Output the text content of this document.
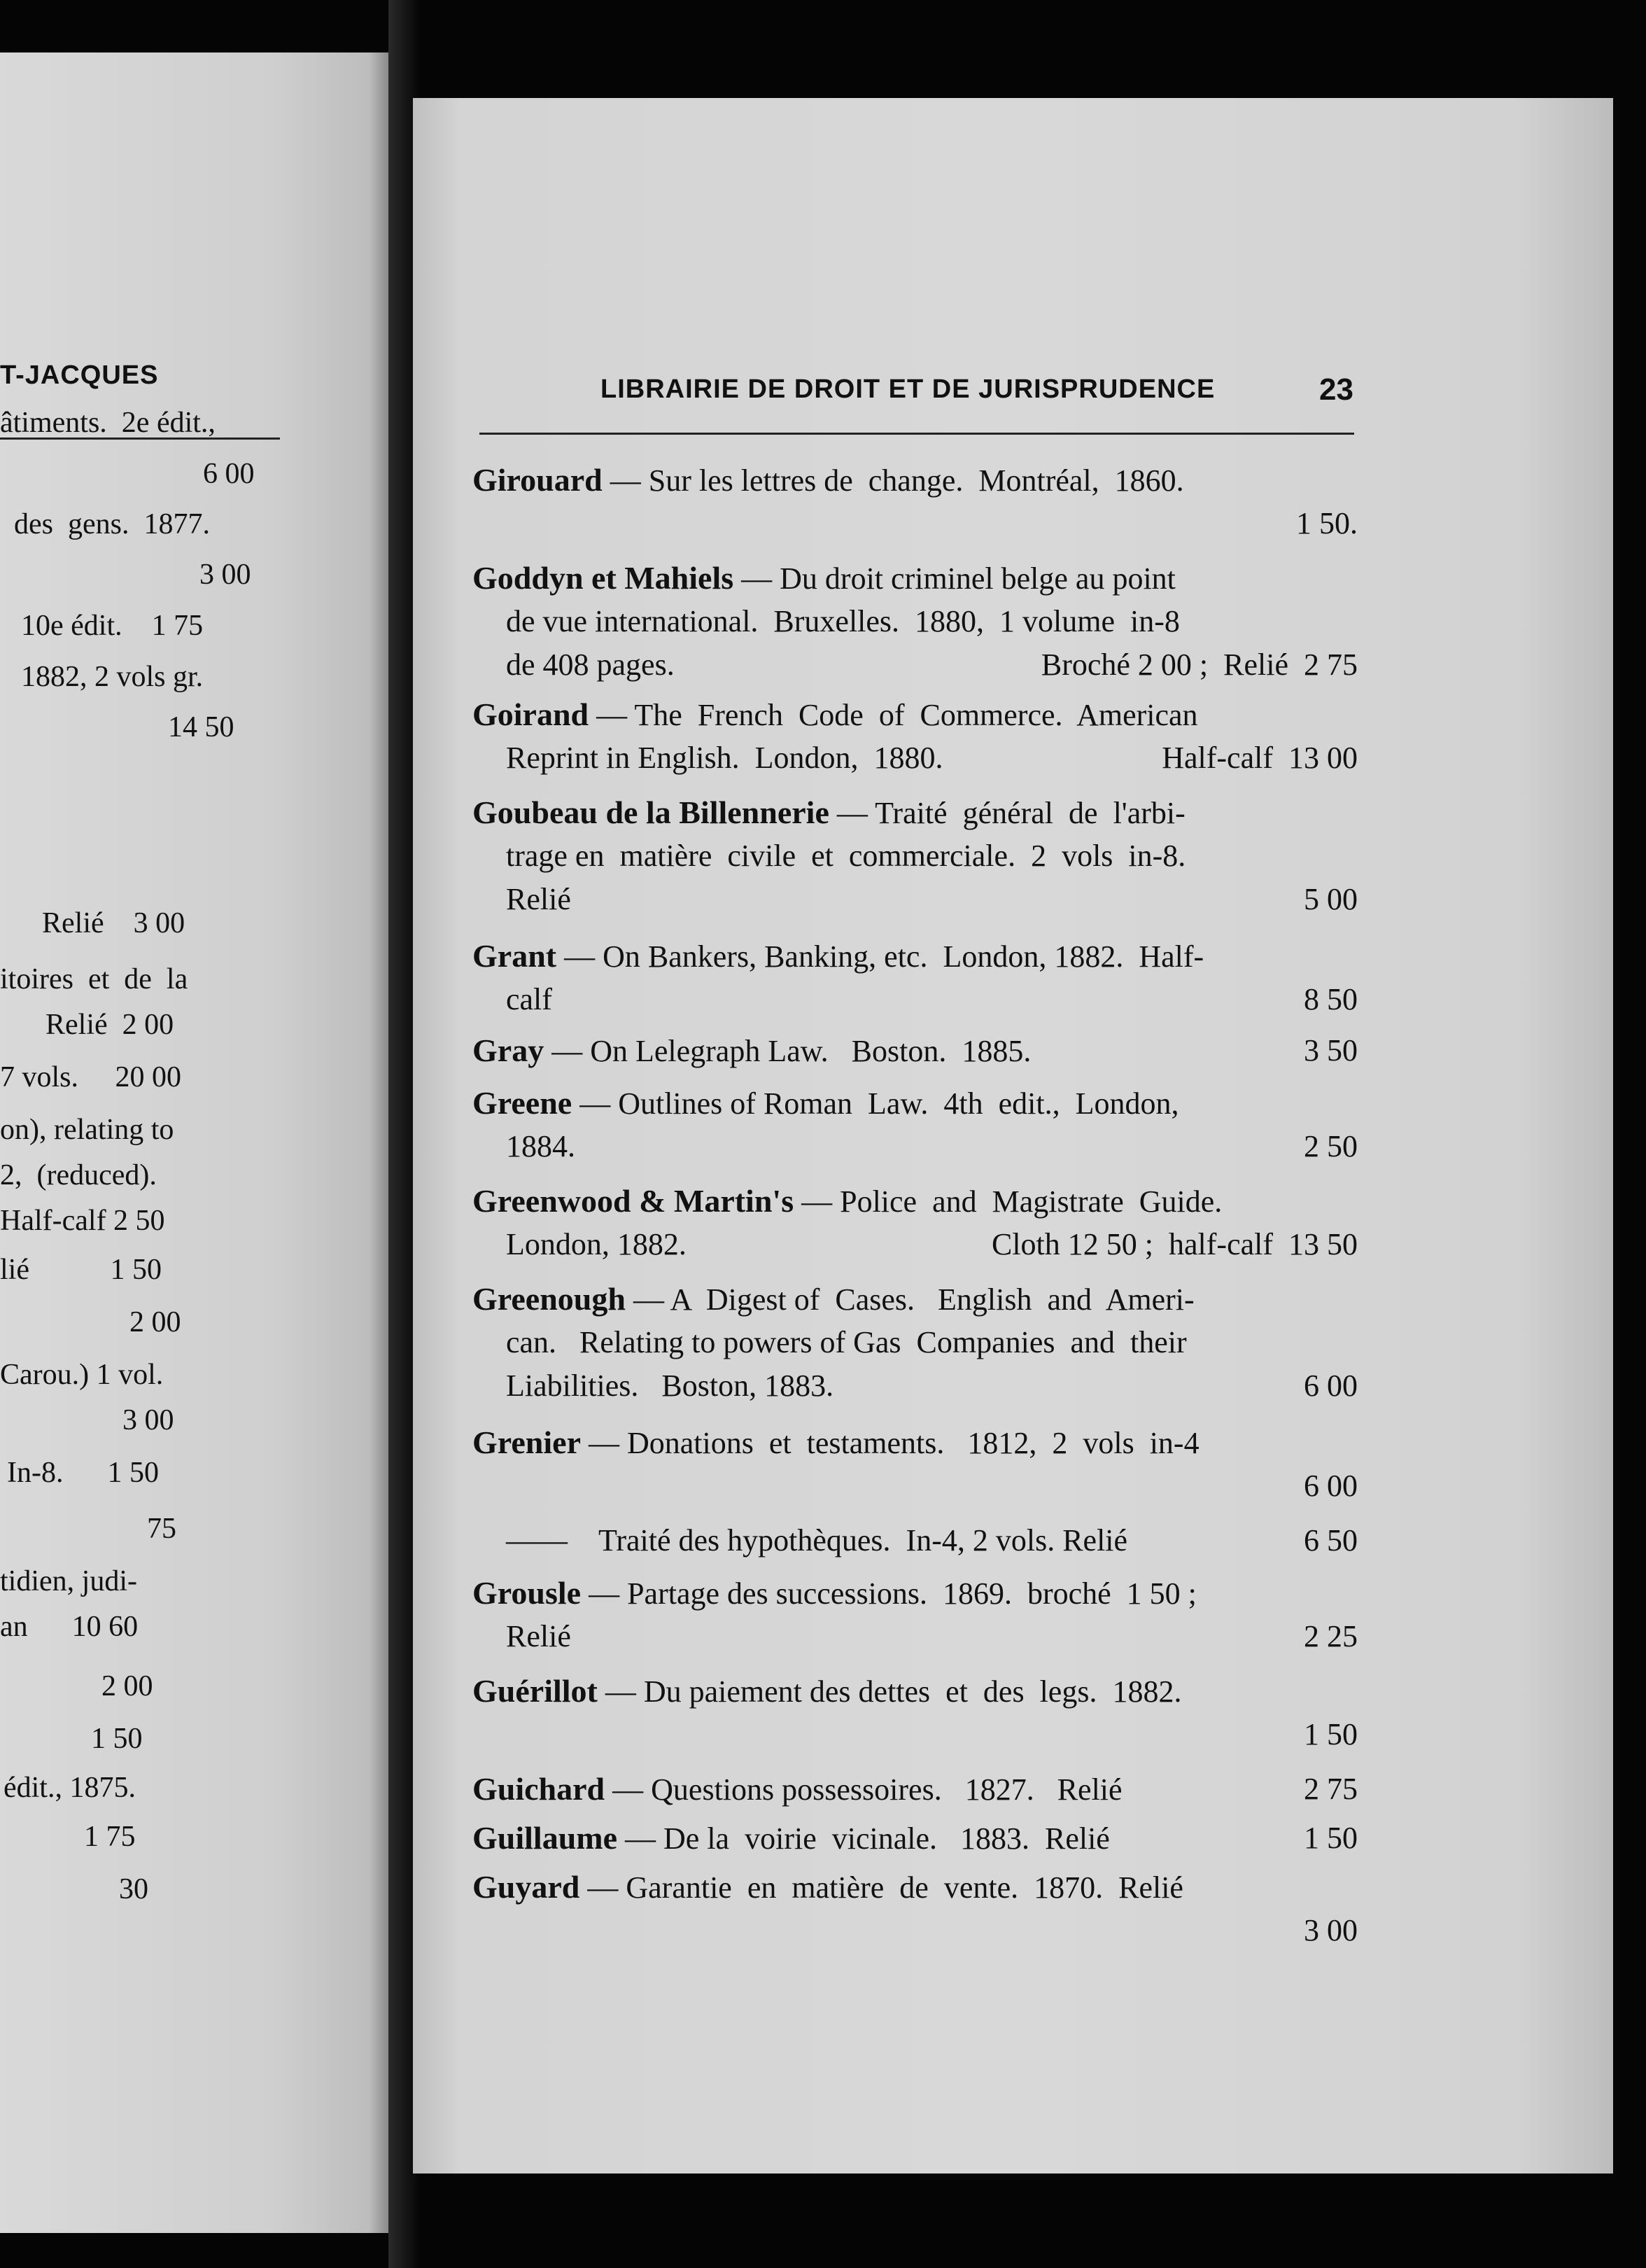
T-JACQUES
âtiments.  2e édit.,
6 00
des  gens.  1877.
3 00
10e édit.    1 75
1882, 2 vols gr.
14 50
Relié    3 00
itoires  et  de  la
Relié  2 00
7 vols.     20 00
on), relating to
2,  (reduced).
Half-calf 2 50
lié           1 50
2 00
Carou.) 1 vol.
3 00
In-8.      1 50
75
tidien, judi-
an      10 60
2 00
1 50
édit., 1875.
1 75
30
LIBRAIRIE DE DROIT ET DE JURISPRUDENCE	23
Girouard — Sur les lettres de  change.  Montréal,  1860.
1 50.
Goddyn et Mahiels — Du droit criminel belge au point
de vue international.  Bruxelles.  1880,  1 volume  in-8
de 408 pages.	Broché 2 00 ;  Relié  2 75
Goirand — The  French  Code  of  Commerce.  American
Reprint in English.  London,  1880.	Half-calf  13 00
Goubeau de la Billennerie — Traité  général  de  l'arbi-
trage en  matière  civile  et  commerciale.  2  vols  in-8.
Relié	5 00
Grant — On Bankers, Banking, etc.  London, 1882.  Half-
calf	8 50
Gray — On Lelegraph Law.   Boston.  1885.	3 50
Greene — Outlines of Roman  Law.  4th  edit.,  London,
1884.	2 50
Greenwood & Martin's — Police  and  Magistrate  Guide.
London, 1882.	Cloth 12 50 ;  half-calf  13 50
Greenough — A  Digest of  Cases.   English  and  Ameri-
can.   Relating to powers of Gas  Companies  and  their
Liabilities.   Boston, 1883.	6 00
Grenier — Donations  et  testaments.   1812,  2  vols  in-4
6 00
—— Traité des hypothèques.  In-4, 2 vols. Relié	6 50
Grousle — Partage des successions.  1869.  broché  1 50 ;
Relié	2 25
Guérillot — Du paiement des dettes  et  des  legs.  1882.
1 50
Guichard — Questions possessoires.   1827.   Relié	2 75
Guillaume — De la  voirie  vicinale.   1883.  Relié	1 50
Guyard — Garantie  en  matière  de  vente.  1870.  Relié
3 00
